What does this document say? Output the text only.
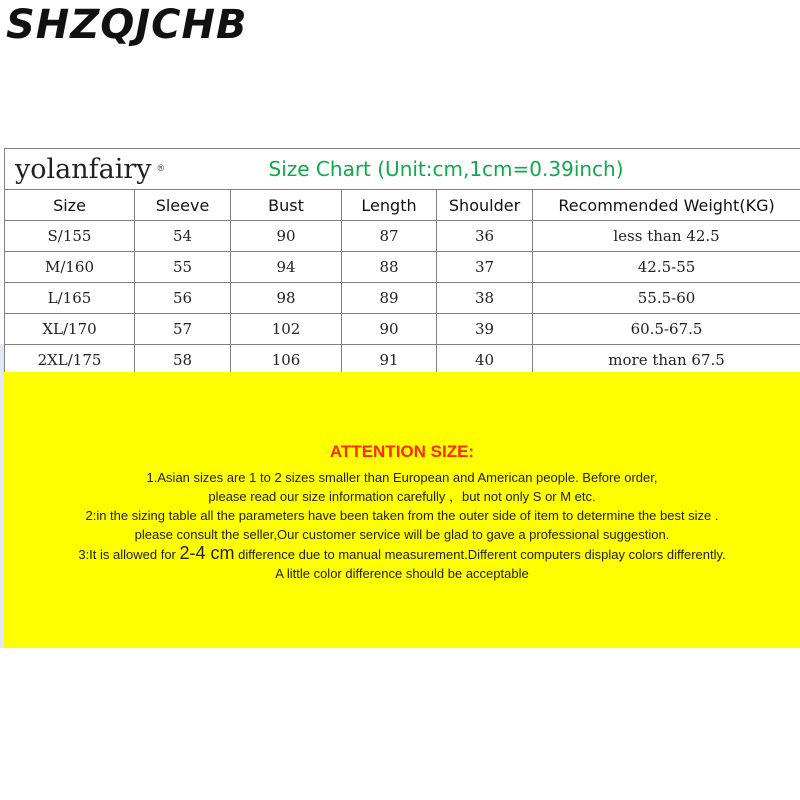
SHZQJCHB
yolanfairy ®		Size Chart (Unit:cm,1cm=0.39inch)			
Size	Sleeve	Bust	Length	Shoulder	Recommended Weight(KG)
S/155	54	90	87	36	less than 42.5
M/160	55	94	88	37	42.5-55
L/165	56	98	89	38	55.5-60
XL/170	57	102	90	39	60.5-67.5
2XL/175	58	106	91	40	more than 67.5
ATTENTION SIZE:
1.Asian sizes are 1 to 2 sizes smaller than European and American people. Before order,
please read our size information carefully ，but not only S or M etc.
2:in the sizing table all the parameters have been taken from the outer side of item to determine the best size .
please consult the seller,Our customer service will be glad to gave a professional suggestion.
3:It is allowed for 2-4 cm difference due to manual measurement.Different computers display colors differently.
A little color difference should be acceptable
